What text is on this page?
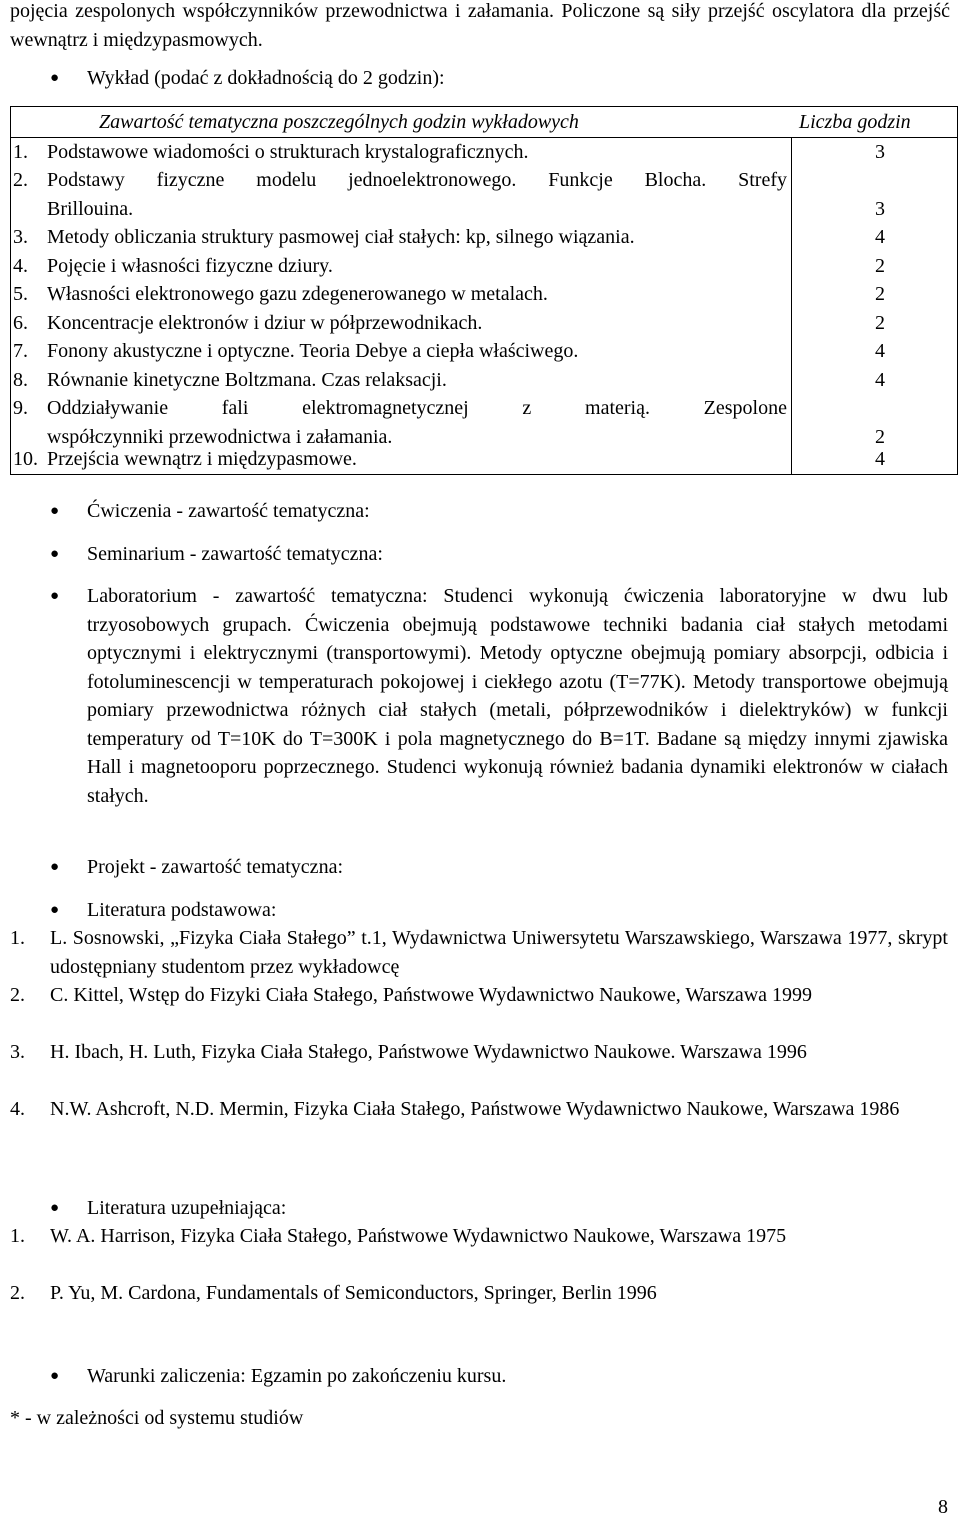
pojęcia zespolonych współczynników przewodnictwa i załamania. Policzone są siły przejść oscylatora dla przejść wewnątrz i międzypasmowych.
● Wykład (podać z dokładnością do 2 godzin):
Zawartość tematyczna poszczególnych godzin wykładowych	Liczba godzin
1. Podstawowe wiadomości o strukturach krystalograficznych.	3
2. Podstawy fizyczne modelu jednoelektronowego. Funkcje Blocha. Strefy
Brillouina.	3
3. Metody obliczania struktury pasmowej ciał stałych: kp, silnego wiązania.	4
4. Pojęcie i własności fizyczne dziury.	2
5. Własności elektronowego gazu zdegenerowanego w metalach.	2
6. Koncentracje elektronów i dziur w półprzewodnikach.	2
7. Fonony akustyczne i optyczne. Teoria Debye a ciepła właściwego.	4
8. Równanie kinetyczne Boltzmana. Czas relaksacji.	4
9. Oddziaływanie fali elektromagnetycznej z materią. Zespolone
współczynniki przewodnictwa i załamania.	2
10. Przejścia wewnątrz i międzypasmowe.	4
● Ćwiczenia - zawartość tematyczna:
● Seminarium - zawartość tematyczna:
● Laboratorium - zawartość tematyczna: Studenci wykonują ćwiczenia laboratoryjne w dwu lub trzyosobowych grupach. Ćwiczenia obejmują podstawowe techniki badania ciał stałych metodami optycznymi i elektrycznymi (transportowymi). Metody optyczne obejmują pomiary absorpcji, odbicia i fotoluminescencji w temperaturach pokojowej i ciekłego azotu (T=77K). Metody transportowe obejmują pomiary przewodnictwa różnych ciał stałych (metali, półprzewodników i dielektryków) w funkcji temperatury od T=10K do T=300K i pola magnetycznego do B=1T. Badane są między innymi zjawiska Hall i magnetooporu poprzecznego. Studenci wykonują również badania dynamiki elektronów w ciałach stałych.
● Projekt - zawartość tematyczna:
● Literatura podstawowa:
1. L. Sosnowski, „Fizyka Ciała Stałego” t.1, Wydawnictwa Uniwersytetu Warszawskiego, Warszawa 1977, skrypt udostępniany studentom przez wykładowcę
2. C. Kittel, Wstęp do Fizyki Ciała Stałego, Państwowe Wydawnictwo Naukowe, Warszawa 1999
3. H. Ibach, H. Luth, Fizyka Ciała Stałego, Państwowe Wydawnictwo Naukowe. Warszawa 1996
4. N.W. Ashcroft, N.D. Mermin, Fizyka Ciała Stałego, Państwowe Wydawnictwo Naukowe, Warszawa 1986
● Literatura uzupełniająca:
1. W. A. Harrison, Fizyka Ciała Stałego, Państwowe Wydawnictwo Naukowe, Warszawa 1975
2. P. Yu, M. Cardona, Fundamentals of Semiconductors, Springer, Berlin 1996
● Warunki zaliczenia: Egzamin po zakończeniu kursu.
* - w zależności od systemu studiów
8
